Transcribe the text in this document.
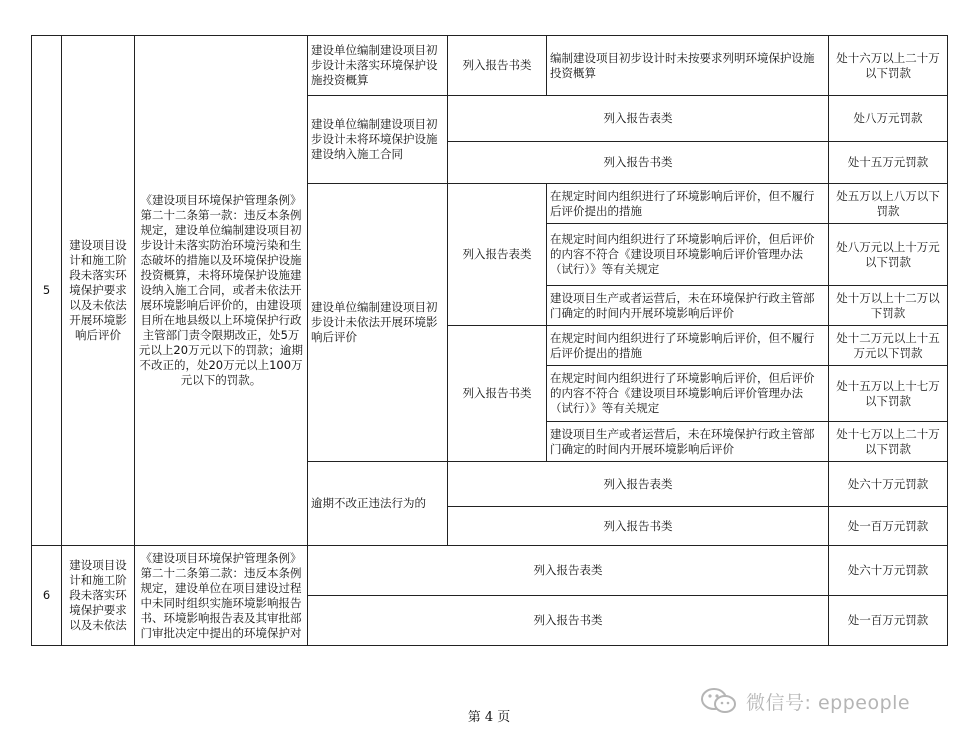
5	建设项目设计和施工阶段未落实环境保护要求以及未依法开展环境影响后评价	《建设项目环境保护管理条例》第二十二条第一款：违反本条例规定，建设单位编制建设项目初步设计未落实防治环境污染和生态破坏的措施以及环境保护设施投资概算，未将环境保护设施建设纳入施工合同，或者未依法开展环境影响后评价的，由建设项目所在地县级以上环境保护行政主管部门责令限期改正，处5万元以上20万元以下的罚款；逾期不改正的，处20万元以上100万元以下的罚款。	建设单位编制建设项目初步设计未落实环境保护设施投资概算	列入报告书类	编制建设项目初步设计时未按要求列明环境保护设施投资概算	处十六万以上二十万以下罚款
			建设单位编制建设项目初步设计未将环境保护设施建设纳入施工合同	列入报告表类		处八万元罚款
				列入报告书类		处十五万元罚款
			建设单位编制建设项目初步设计未依法开展环境影响后评价	列入报告表类	在规定时间内组织进行了环境影响后评价，但不履行后评价提出的措施	处五万以上八万以下罚款
					在规定时间内组织进行了环境影响后评价，但后评价的内容不符合《建设项目环境影响后评价管理办法（试行）》等有关规定	处八万元以上十万元以下罚款
					建设项目生产或者运营后，未在环境保护行政主管部门确定的时间内开展环境影响后评价	处十万以上十二万以下罚款
				列入报告书类	在规定时间内组织进行了环境影响后评价，但不履行后评价提出的措施	处十二万元以上十五万元以下罚款
					在规定时间内组织进行了环境影响后评价，但后评价的内容不符合《建设项目环境影响后评价管理办法（试行）》等有关规定	处十五万以上十七万以下罚款
					建设项目生产或者运营后，未在环境保护行政主管部门确定的时间内开展环境影响后评价	处十七万以上二十万以下罚款
			逾期不改正违法行为的	列入报告表类		处六十万元罚款
				列入报告书类		处一百万元罚款
6	建设项目设计和施工阶段未落实环境保护要求以及未依法	《建设项目环境保护管理条例》第二十二条第二款：违反本条例规定，建设单位在项目建设过程中未同时组织实施环境影响报告书、环境影响报告表及其审批部门审批决定中提出的环境保护对	列入报告表类			处六十万元罚款
			列入报告书类			处一百万元罚款
微信号: eppeople
第 4 页
